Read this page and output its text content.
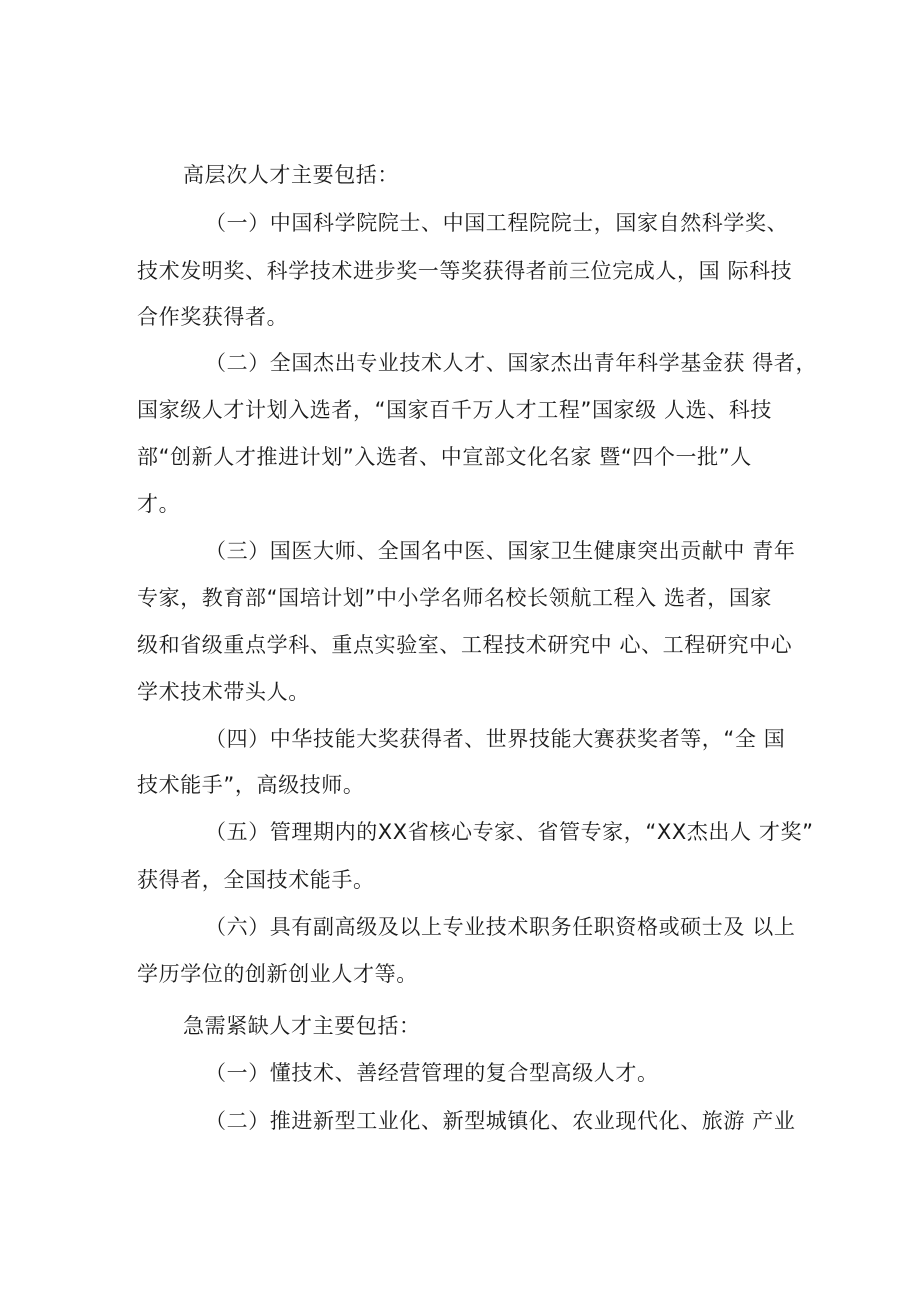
高层次人才主要包括：
（一）中国科学院院士、中国工程院院士，国家自然科学奖、
技术发明奖、科学技术进步奖一等奖获得者前三位完成人，国 际科技
合作奖获得者。
（二）全国杰出专业技术人才、国家杰出青年科学基金获 得者，
国家级人才计划入选者，“国家百千万人才工程”国家级 人选、科技
部“创新人才推进计划”入选者、中宣部文化名家 暨“四个一批”人
才。
（三）国医大师、全国名中医、国家卫生健康突出贡献中 青年
专家，教育部“国培计划”中小学名师名校长领航工程入 选者，国家
级和省级重点学科、重点实验室、工程技术研究中 心、工程研究中心
学术技术带头人。
（四）中华技能大奖获得者、世界技能大赛获奖者等，“全 国
技术能手”，高级技师。
（五）管理期内的XX省核心专家、省管专家，“XX杰出人 才奖”
获得者，全国技术能手。
（六）具有副高级及以上专业技术职务任职资格或硕士及 以上
学历学位的创新创业人才等。
急需紧缺人才主要包括：
（一）懂技术、善经营管理的复合型高级人才。
（二）推进新型工业化、新型城镇化、农业现代化、旅游 产业
